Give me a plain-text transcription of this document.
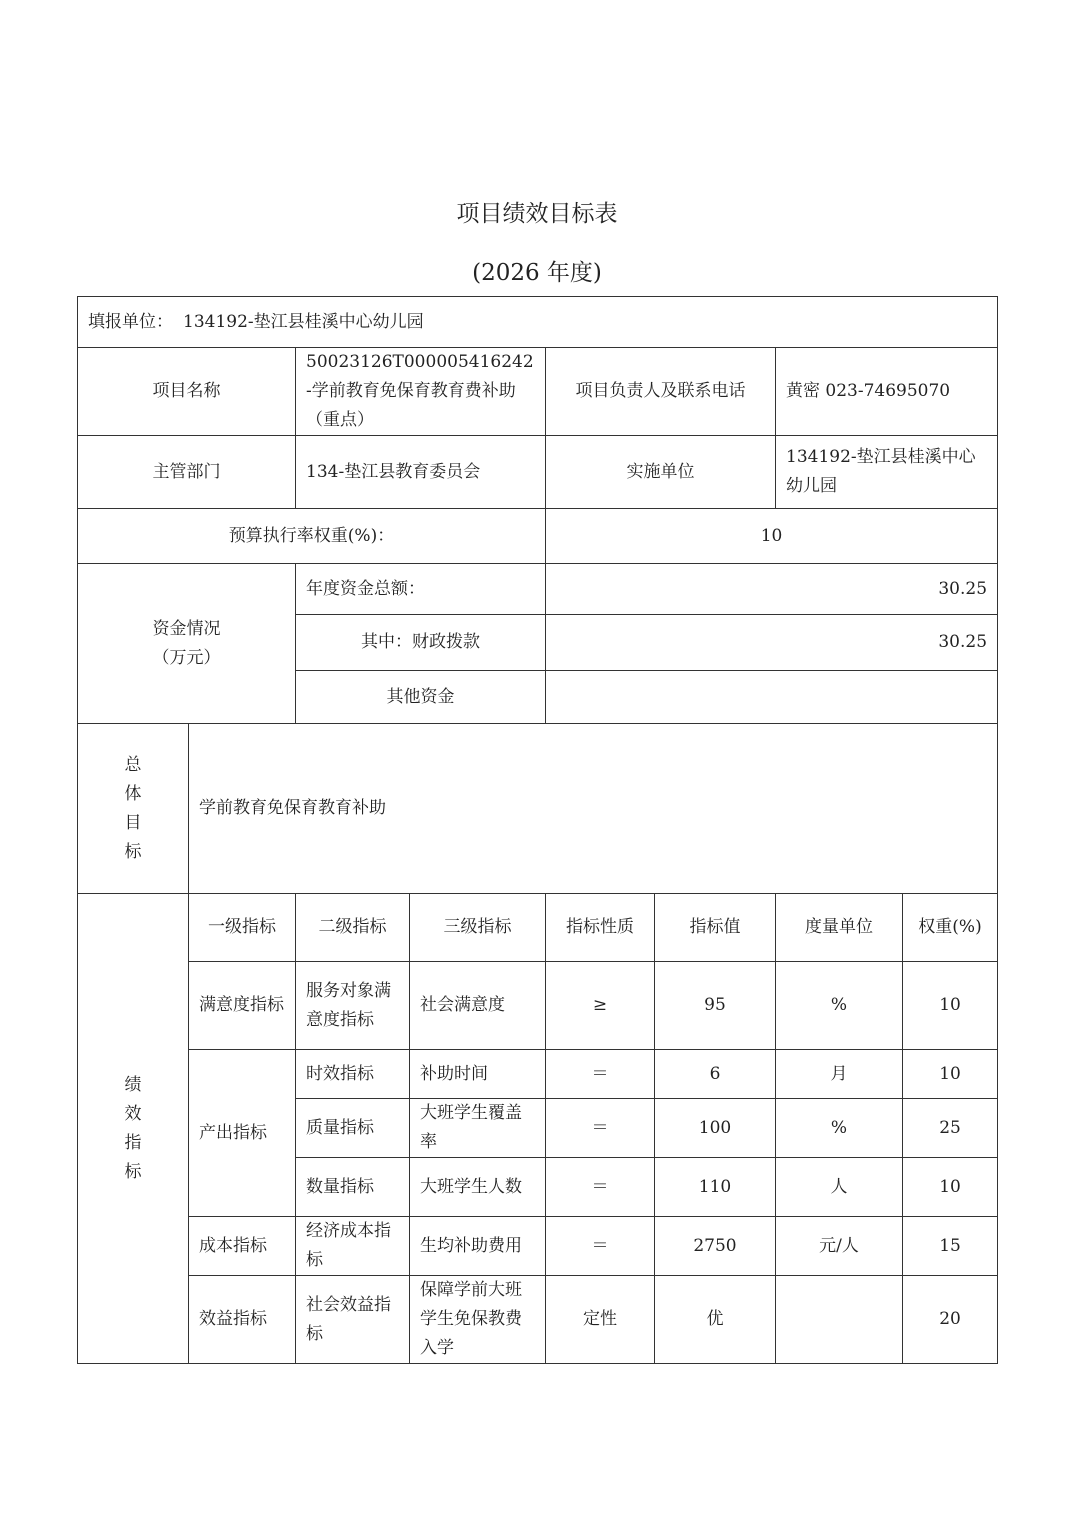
项目绩效目标表
(2026 年度)
填报单位： 134192-垫江县桂溪中心幼儿园							
项目名称		50023126T000005416242-学前教育免保育教育费补助（重点）		项目负责人及联系电话		黄密 023-74695070	
主管部门		134-垫江县教育委员会		实施单位		134192-垫江县桂溪中心幼儿园	
预算执行率权重(%)：				10			

资金情况
（万元）		年度资金总额：		30.25			
		其中：财政拨款		30.25			
		其他资金					

总
体
目
标	学前教育免保育教育补助						

绩
效
指
标	一级指标	二级指标	三级指标	指标性质	指标值	度量单位	权重(%)
	满意度指标	服务对象满意度指标	社会满意度	≥	95	%	10
	产出指标	时效指标	补助时间	＝	6	月	10
		质量指标	大班学生覆盖率	＝	100	%	25
		数量指标	大班学生人数	＝	110	人	10
	成本指标	经济成本指标	生均补助费用	＝	2750	元/人	15
	效益指标	社会效益指标	保障学前大班学生免保教费入学	定性	优		20
